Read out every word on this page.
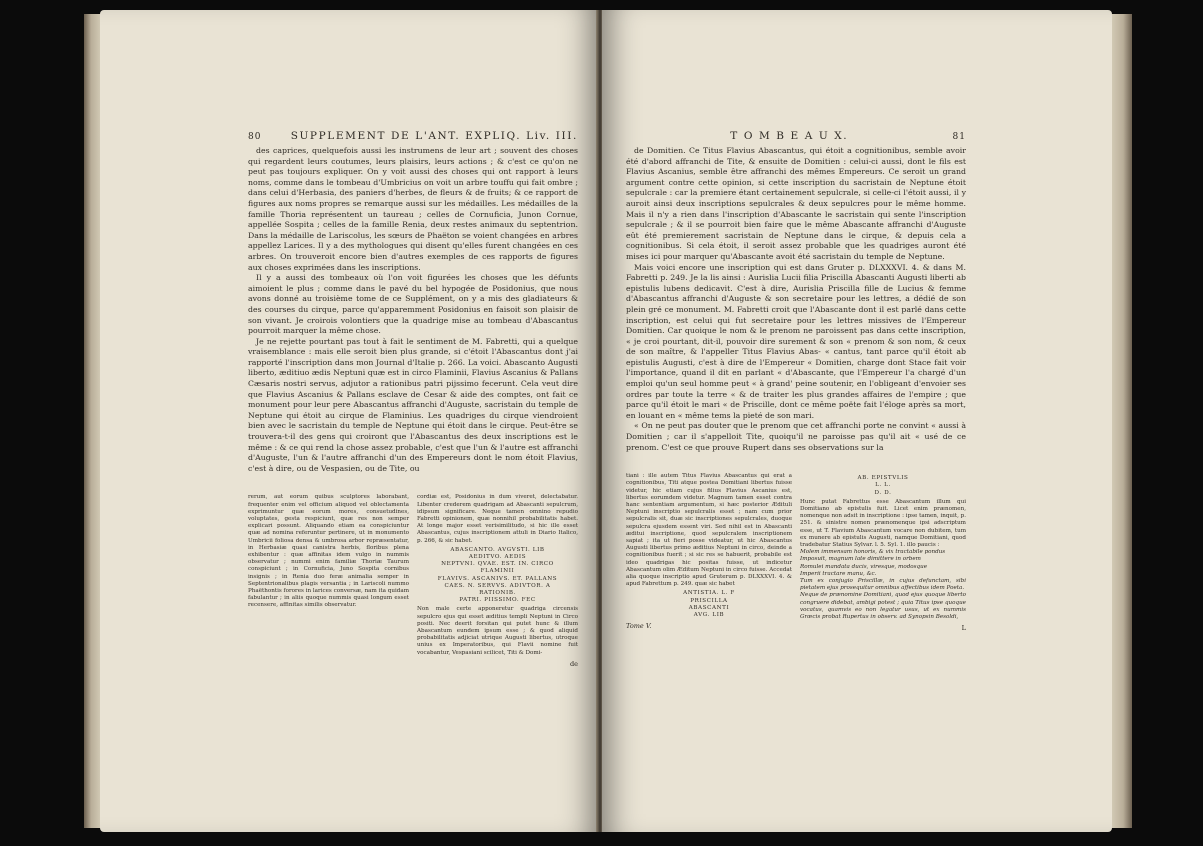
80	SUPPLEMENT DE L'ANT. EXPLIQ. Liv. III.

des caprices, quelquefois aussi les instrumens de leur art ; souvent des choses qui regardent leurs coutumes, leurs plaisirs, leurs actions ; & c'est ce qu'on ne peut pas toujours expliquer. On y voit aussi des choses qui ont rapport à leurs noms, comme dans le tombeau d'Umbricius on voit un arbre touffu qui fait ombre ; dans celui d'Herbasia, des paniers d'herbes, de fleurs & de fruits; & ce rapport de figures aux noms propres se remarque aussi sur les médailles. Les médailles de la famille Thoria représentent un taureau ; celles de Cornuficia, Junon Cornue, appellée Sospita ; celles de la famille Renia, deux restes animaux du septentrion. Dans la médaille de Lariscolus, les sœurs de Phaëton se voient changées en arbres appellez Larices. Il y a des mythologues qui disent qu'elles furent changées en ces arbres. On trouveroit encore bien d'autres exemples de ces rapports de figures aux choses exprimées dans les inscriptions.

Il y a aussi des tombeaux où l'on voit figurées les choses que les défunts aimoient le plus ; comme dans le pavé du bel hypogée de Posidonius, que nous avons donné au troisième tome de ce Supplément, on y a mis des gladiateurs & des courses du cirque, parce qu'apparemment Posidonius en faisoit son plaisir de son vivant. Je croirois volontiers que la quadrige mise au tombeau d'Abascantus pourroit marquer la même chose.

Je ne rejette pourtant pas tout à fait le sentiment de M. Fabretti, qui a quelque vraisemblance : mais elle seroit bien plus grande, si c'étoit l'Abascantus dont j'ai rapporté l'inscription dans mon Journal d'Italie p. 266. La voici. Abascanto Augusti liberto, æditiuo ædis Neptuni quæ est in circo Flaminii, Flavius Ascanius & Pallans Cæsaris nostri servus, adjutor a rationibus patri pijssimo fecerunt. Cela veut dire que Flavius Ascanius & Pallans esclave de Cesar & aide des comptes, ont fait ce monument pour leur pere Abascantus affranchi d'Auguste, sacristain du temple de Neptune qui étoit au cirque de Flaminius. Les quadriges du cirque viendroient bien avec le sacristain du temple de Neptune qui étoit dans le cirque. Peut-être se trouvera-t-il des gens qui croiront que l'Abascantus des deux inscriptions est le même : & ce qui rend la chose assez probable, c'est que l'un & l'autre est affranchi d'Auguste, l'un & l'autre affranchi d'un des Empereurs dont le nom étoit Flavius, c'est à dire, ou de Vespasien, ou de Tite, ou

rerum, aut eorum quibus sculptores laborabant, frequenter enim vel officium aliquod vel oblectamenta exprimuntur quæ eorum mores, consuetudines, voluptates, gesta respiciunt, quæ res non semper explicari possunt. Aliquando etiam ea conspiciuntur quæ ad nomina referuntur pertinere, ut in monumento Umbricii foliosa densa & umbrosa arbor repræsentatur, in Herbasiæ quasi canistra herbis, floribus plena exhibentur : quæ affinitas idem vulgo in nummis observatur ; nummi enim familiæ Thoriæ Taurum conspiciunt ; in Cornuficia, Juno Sospita cornibus insignis ; in Renia duo feræ animalia semper in Septentrionalibus plagis versantia ; in Lariscoli nummo Phaëthontis forores in larices conversæ, nam ita quidam fabulantur ; in aliis quoque nummis quasi longum esset recensere, affinitas similis observatur.
cordiæ est, Posidonius in dum viveret, delectabatur. Libenter crederem quadrigam ad Abascanti sepulcrum, idipsum significare. Neque tamen omnino repudio Fabretti opinionem, quæ nonnihil probabilitatis habet. At longe major esset verisimilitudo, si hic ille esset Abascantus, cujus inscriptionem attuli in Diario Italico, p. 266, & sic habet.
ABASCANTO. AVGVSTI. LIB
AEDITVO. AEDIS
NEPTVNI. QVAE. EST. IN. CIRCO
FLAMINII
FLAVIVS. ASCANIVS. ET. PALLANS
CAES. N. SERVVS. ADIVTOR. A
RATIONIB.
PATRI. PIISSIMO. FEC
Non male certe apponeretur quadriga circensis sepulcro ejus qui esset æditius templi Neptuni in Circo positi. Nec deerit forsitan qui putet hunc & illum Abascantum eundem ipsum esse ; & quod aliquid probabilitatis adjiciat utrique Augusti libertus, utroque unius ex Imperatoribus, qui Flavii nomine fuit vocabantur, Vespasiani scilicet, Titi & Domi-
de
T O M B E A U X.	81

de Domitien. Ce Titus Flavius Abascantus, qui étoit a cognitionibus, semble avoir été d'abord affranchi de Tite, & ensuite de Domitien : celui-ci aussi, dont le fils est Flavius Ascanius, semble être affranchi des mêmes Empereurs. Ce seroit un grand argument contre cette opinion, si cette inscription du sacristain de Neptune étoit sepulcrale : car la premiere étant certainement sepulcrale, si celle-ci l'étoit aussi, il y auroit ainsi deux inscriptions sepulcrales & deux sepulcres pour le même homme. Mais il n'y a rien dans l'inscription d'Abascante le sacristain qui sente l'inscription sepulcrale ; & il se pourroit bien faire que le même Abascante affranchi d'Auguste eût été premierement sacristain de Neptune dans le cirque, & depuis cela a cognitionibus. Si cela étoit, il seroit assez probable que les quadriges auront été mises ici pour marquer qu'Abascante avoit été sacristain du temple de Neptune.

Mais voici encore une inscription qui est dans Gruter p. DLXXXVI. 4. & dans M. Fabretti p. 249. Je la lis ainsi : Aurislia Lucii filia Priscilla Abascanti Augusti liberti ab epistulis lubens dedicavit. C'est à dire, Aurislia Priscilla fille de Lucius & femme d'Abascantus affranchi d'Auguste & son secretaire pour les lettres, a dédié de son plein gré ce monument. M. Fabretti croit que l'Abascante dont il est parlé dans cette inscription, est celui qui fut secretaire pour les lettres missives de l'Empereur Domitien. Car quoique le nom & le prenom ne paroissent pas dans cette inscription, « je croi pourtant, dit-il, pouvoir dire surement & son « prenom & son nom, & ceux de son maître, & l'appeller Titus Flavius Abas- « cantus, tant parce qu'il étoit ab epistulis Augusti, c'est à dire de l'Empereur « Domitien, charge dont Stace fait voir l'importance, quand il dit en parlant « d'Abascante, que l'Empereur l'a chargé d'un emploi qu'un seul homme peut « à grand' peine soutenir, en l'obligeant d'envoier ses ordres par toute la terre « & de traiter les plus grandes affaires de l'empire ; que parce qu'il étoit le mari « de Priscille, dont ce même poëte fait l'éloge après sa mort, en louant en « même tems la pieté de son mari.

« On ne peut pas douter que le prenom que cet affranchi porte ne convint « aussi à Domitien ; car il s'appelloit Tite, quoiqu'il ne paroisse pas qu'il ait « usé de ce prenom. C'est ce que prouve Rupert dans ses observations sur la

tiani : ille autem Titus Flavius Abascantus qui erat a cognitionibus, Titi atque postea Domitiani libertus fuisse videtur, hic etiam cujus filius Flavius Ascanius est, libertus eorumdem videtur. Magnum tamen esset contra hanc sententiam argumentum, si hæc posterior Ædituli Neptuni inscriptio sepulcralis esset ; nam cum prior sepulcralis sit, duæ sic inscriptiones sepulcrales, duoque sepulcra ejusdem essent viri. Sed nihil est in Abascanti æditui inscriptione, quod sepulcralem inscriptionem sapiat ; ita ut fieri posse videatur, ut hic Abascantus Augusti libertus primo æditius Neptuni in circo, deinde a cognitionibus fuerit ; si sic res se habuerit, probabile est ideo quadrigas hic positas fuisse, ut indicetur Abascantum olim Æditum Neptuni in circo fuisse. Accedat alia quoque inscriptio apud Gruterum p. DLXXXVI. 4. & apud Fabrettum p. 249. quæ sic habet
ANTISTIA. L. F
PRISCILLA
ABASCANTI
AVG. LIB
Tome V.
AB. EPISTVLIS
L. L.
D. D.
Hunc putat Fabrettus esse Abascantum illum qui Domitiano ab epistulis fuit. Licet enim prænomen, nomenque non adsit in inscriptione : ipse tamen, inquit, p. 251. & sinistre nomen prænomenque ipsi adscriptum esse, ut T. Flavium Abascantum vocare non dubitem, tum ex munere ab epistulis Augusti, namque Domitiani, quod tradebatur Statius Sylvar. l. 5. Syl. 1. illo paucis :
Molem immensam honoris, & vix tractabile pondus
Imposuit, magnum late dimittere in orbem
Romulei mandata ducis, viresque, modosque
Imperii tractare manu, &c.
Tum ex conjugio Priscillæ, in cujus defunctam, sibi pietatem ejus prosequitur omnibus affectibus idem Poeta.
Neque de prænomine Domitiani, quod ejus quoque liberto congruere didebat, ambigi potest ; quia Titus ipse quoque vocatus, quamvis eo non legatur usus, ut ex nummis Græcis probat Rupertus in observ. ad Synopsin Besoldi,
L
